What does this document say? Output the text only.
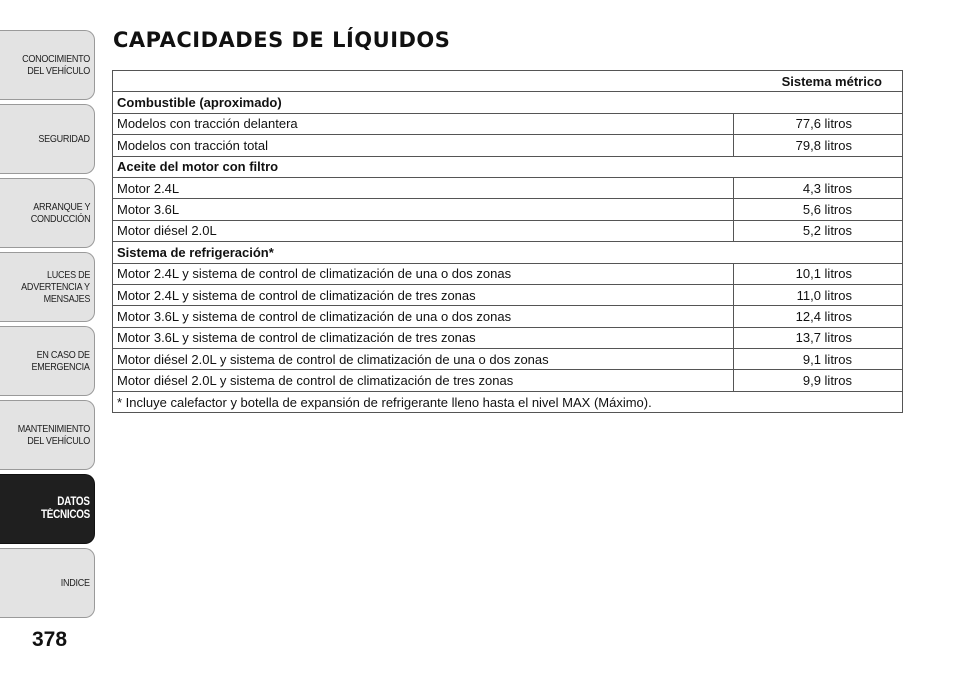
CONOCIMIENTO
DEL VEHÍCULO
SEGURIDAD
ARRANQUE Y
CONDUCCIÓN
LUCES DE
ADVERTENCIA Y
MENSAJES
EN CASO DE
EMERGENCIA
MANTENIMIENTO
DEL VEHÍCULO
DATOS
TÉCNICOS
INDICE
378
CAPACIDADES DE LÍQUIDOS
Sistema métrico	
Combustible (aproximado)	
Modelos con tracción delantera	77,6 litros
Modelos con tracción total	79,8 litros
Aceite del motor con filtro	
Motor 2.4L	4,3 litros
Motor 3.6L	5,6 litros
Motor diésel 2.0L	5,2 litros
Sistema de refrigeración*	
Motor 2.4L y sistema de control de climatización de una o dos zonas	10,1 litros
Motor 2.4L y sistema de control de climatización de tres zonas	11,0 litros
Motor 3.6L y sistema de control de climatización de una o dos zonas	12,4 litros
Motor 3.6L y sistema de control de climatización de tres zonas	13,7 litros
Motor diésel 2.0L y sistema de control de climatización de una o dos zonas	9,1 litros
Motor diésel 2.0L y sistema de control de climatización de tres zonas	9,9 litros
* Incluye calefactor y botella de expansión de refrigerante lleno hasta el nivel MAX (Máximo).	
